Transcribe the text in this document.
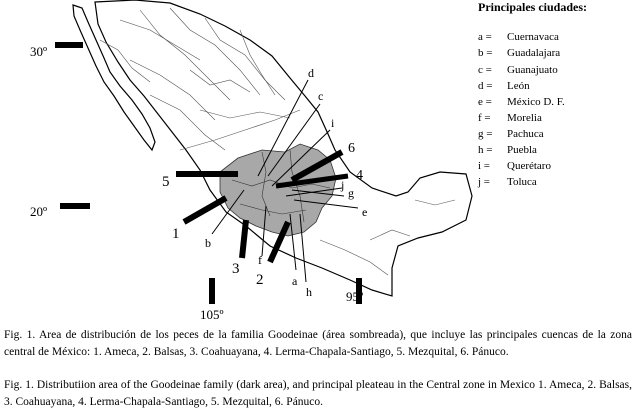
30º
20º
105º
95º
1
2
3
4
5
6
a
b
c
d
e
f
g
h
i
j
Principales ciudades:
a = Cuernavaca
b = Guadalajara
c = Guanajuato
d = León
e = México D. F.
f = Morelia
g = Pachuca
h = Puebla
i = Querétaro
j = Toluca
Fig. 1. Area de distribución de los peces de la familia Goodeinae (área sombreada), que incluye las principales cuencas de la zona central de México: 1. Ameca, 2. Balsas, 3. Coahuayana, 4. Lerma-Chapala-Santiago, 5. Mezquital, 6. Pánuco.
Fig. 1. Distributiion area of the Goodeinae family (dark area), and principal pleateau in the Central zone in Mexico 1. Ameca, 2. Balsas, 3. Coahuayana, 4. Lerma-Chapala-Santiago, 5. Mezquital, 6. Pánuco.
